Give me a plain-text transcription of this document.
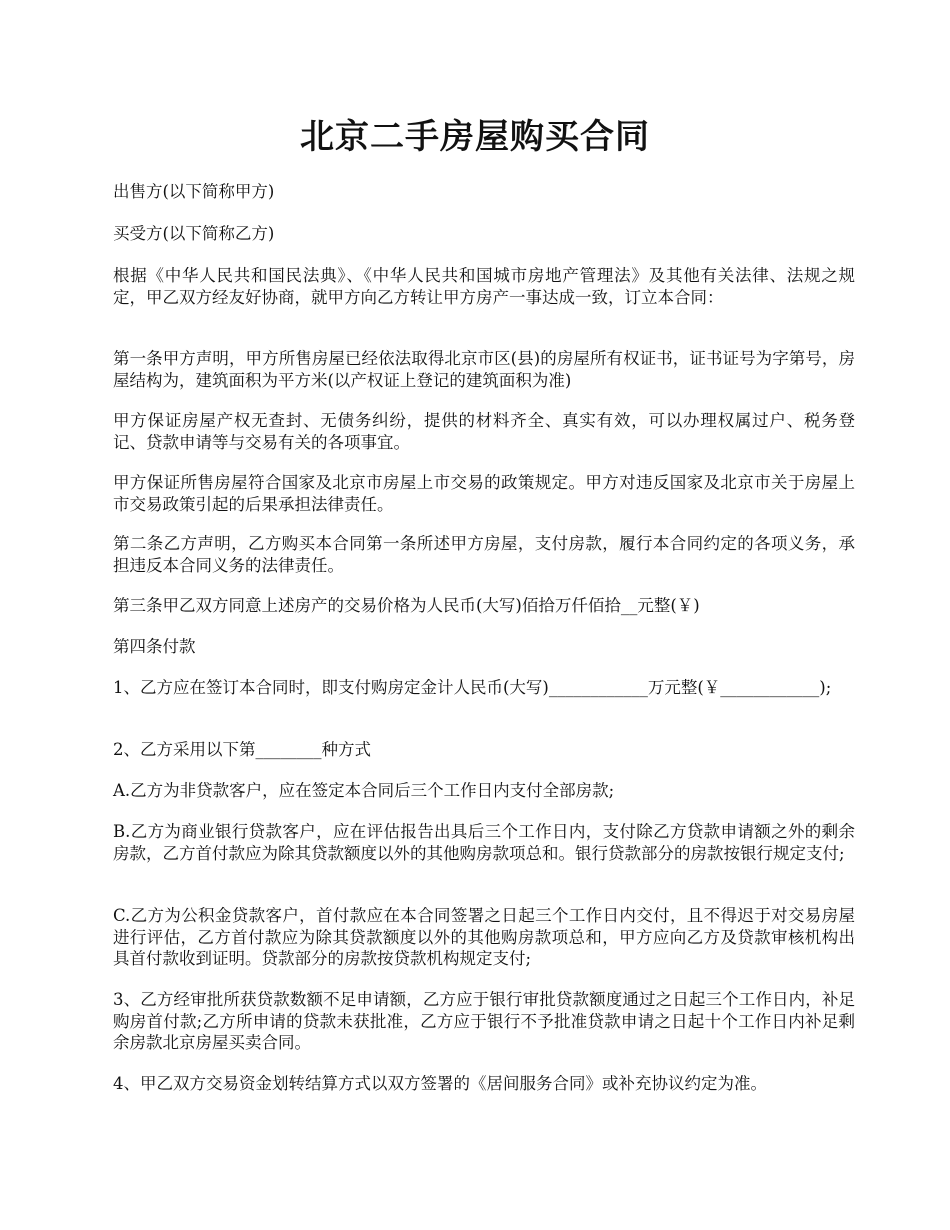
北京二手房屋购买合同

出售方(以下简称甲方)

买受方(以下简称乙方)

根据《中华人民共和国民法典》、《中华人民共和国城市房地产管理法》及其他有关法律、法规之规定，甲乙双方经友好协商，就甲方向乙方转让甲方房产一事达成一致，订立本合同：

第一条甲方声明，甲方所售房屋已经依法取得北京市区(县)的房屋所有权证书，证书证号为字第号，房屋结构为，建筑面积为平方米(以产权证上登记的建筑面积为准)

甲方保证房屋产权无查封、无债务纠纷，提供的材料齐全、真实有效，可以办理权属过户、税务登记、贷款申请等与交易有关的各项事宜。

甲方保证所售房屋符合国家及北京市房屋上市交易的政策规定。甲方对违反国家及北京市关于房屋上市交易政策引起的后果承担法律责任。

第二条乙方声明，乙方购买本合同第一条所述甲方房屋，支付房款，履行本合同约定的各项义务，承担违反本合同义务的法律责任。

第三条甲乙双方同意上述房产的交易价格为人民币(大写)佰拾万仟佰拾__元整(￥)

第四条付款

1、乙方应在签订本合同时，即支付购房定金计人民币(大写)____________万元整(￥____________);

2、乙方采用以下第________种方式

A.乙方为非贷款客户，应在签定本合同后三个工作日内支付全部房款;

B.乙方为商业银行贷款客户，应在评估报告出具后三个工作日内，支付除乙方贷款申请额之外的剩余房款，乙方首付款应为除其贷款额度以外的其他购房款项总和。银行贷款部分的房款按银行规定支付;

C.乙方为公积金贷款客户，首付款应在本合同签署之日起三个工作日内交付，且不得迟于对交易房屋进行评估，乙方首付款应为除其贷款额度以外的其他购房款项总和，甲方应向乙方及贷款审核机构出具首付款收到证明。贷款部分的房款按贷款机构规定支付;

3、乙方经审批所获贷款数额不足申请额，乙方应于银行审批贷款额度通过之日起三个工作日内，补足购房首付款;乙方所申请的贷款未获批准，乙方应于银行不予批准贷款申请之日起十个工作日内补足剩余房款北京房屋买卖合同。

4、甲乙双方交易资金划转结算方式以双方签署的《居间服务合同》或补充协议约定为准。
